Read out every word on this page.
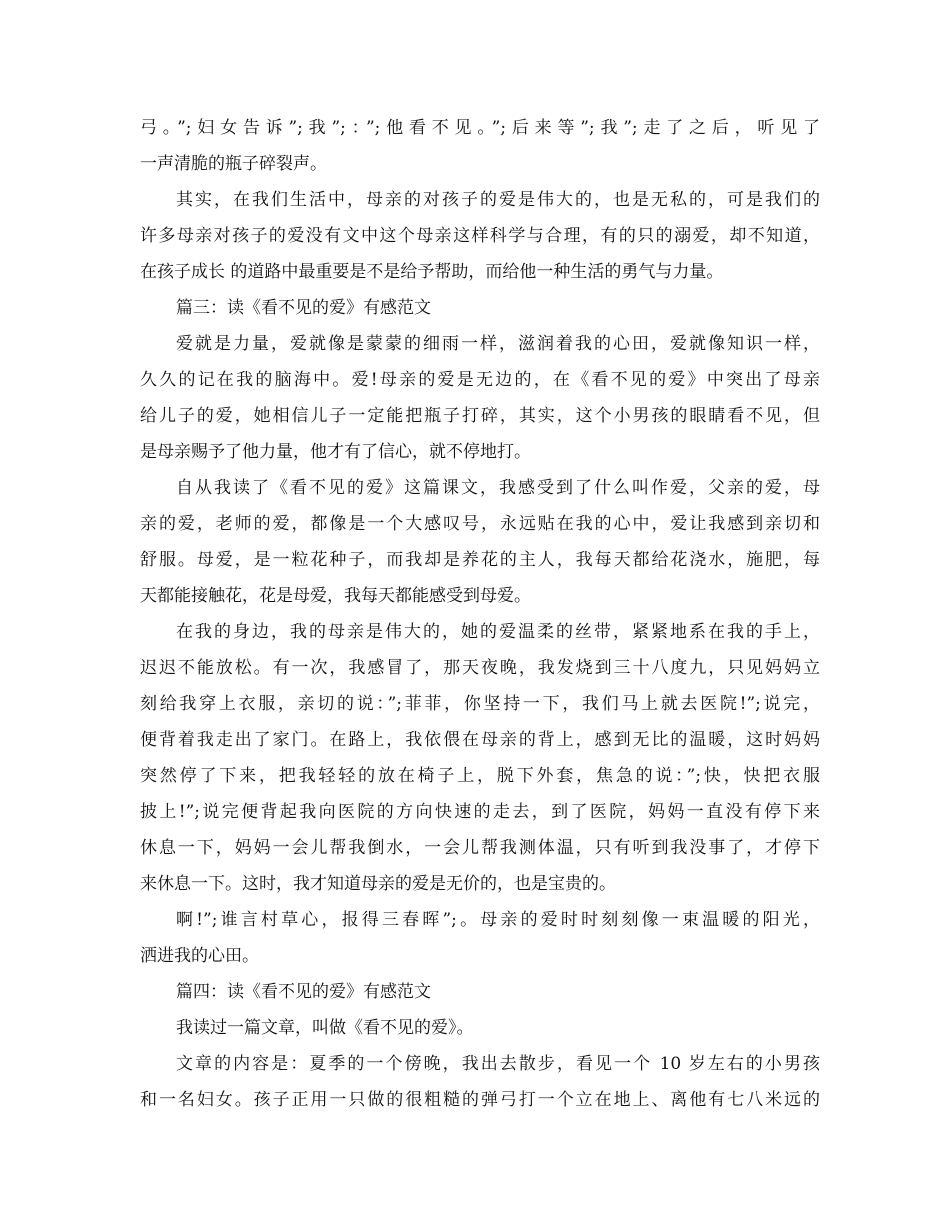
弓。”;妇女告诉”;我”;：”;他看不见。”;后来等”;我”;走了之后，听见了
一声清脆的瓶子碎裂声。
其实，在我们生活中，母亲的对孩子的爱是伟大的，也是无私的，可是我们的
许多母亲对孩子的爱没有文中这个母亲这样科学与合理，有的只的溺爱，却不知道，
在孩子成长 的道路中最重要是不是给予帮助，而给他一种生活的勇气与力量。
篇三：读《看不见的爱》有感范文
爱就是力量，爱就像是蒙蒙的细雨一样，滋润着我的心田，爱就像知识一样，
久久的记在我的脑海中。爱!母亲的爱是无边的，在《看不见的爱》中突出了母亲
给儿子的爱，她相信儿子一定能把瓶子打碎，其实，这个小男孩的眼睛看不见，但
是母亲赐予了他力量，他才有了信心，就不停地打。
自从我读了《看不见的爱》这篇课文，我感受到了什么叫作爱，父亲的爱，母
亲的爱，老师的爱，都像是一个大感叹号，永远贴在我的心中，爱让我感到亲切和
舒服。母爱，是一粒花种子，而我却是养花的主人，我每天都给花浇水，施肥，每
天都能接触花，花是母爱，我每天都能感受到母爱。
在我的身边，我的母亲是伟大的，她的爱温柔的丝带，紧紧地系在我的手上，
迟迟不能放松。有一次，我感冒了，那天夜晚，我发烧到三十八度九，只见妈妈立
刻给我穿上衣服，亲切的说：”;菲菲，你坚持一下，我们马上就去医院!”;说完，
便背着我走出了家门。在路上，我依偎在母亲的背上，感到无比的温暖，这时妈妈
突然停了下来，把我轻轻的放在椅子上，脱下外套，焦急的说：”;快，快把衣服
披上!”;说完便背起我向医院的方向快速的走去，到了医院，妈妈一直没有停下来
休息一下，妈妈一会儿帮我倒水，一会儿帮我测体温，只有听到我没事了，才停下
来休息一下。这时，我才知道母亲的爱是无价的，也是宝贵的。
啊!”;谁言村草心，报得三春晖”;。母亲的爱时时刻刻像一束温暖的阳光，
洒进我的心田。
篇四：读《看不见的爱》有感范文
我读过一篇文章，叫做《看不见的爱》。
文章的内容是：夏季的一个傍晚，我出去散步，看见一个 10 岁左右的小男孩
和一名妇女。孩子正用一只做的很粗糙的弹弓打一个立在地上、离他有七八米远的
